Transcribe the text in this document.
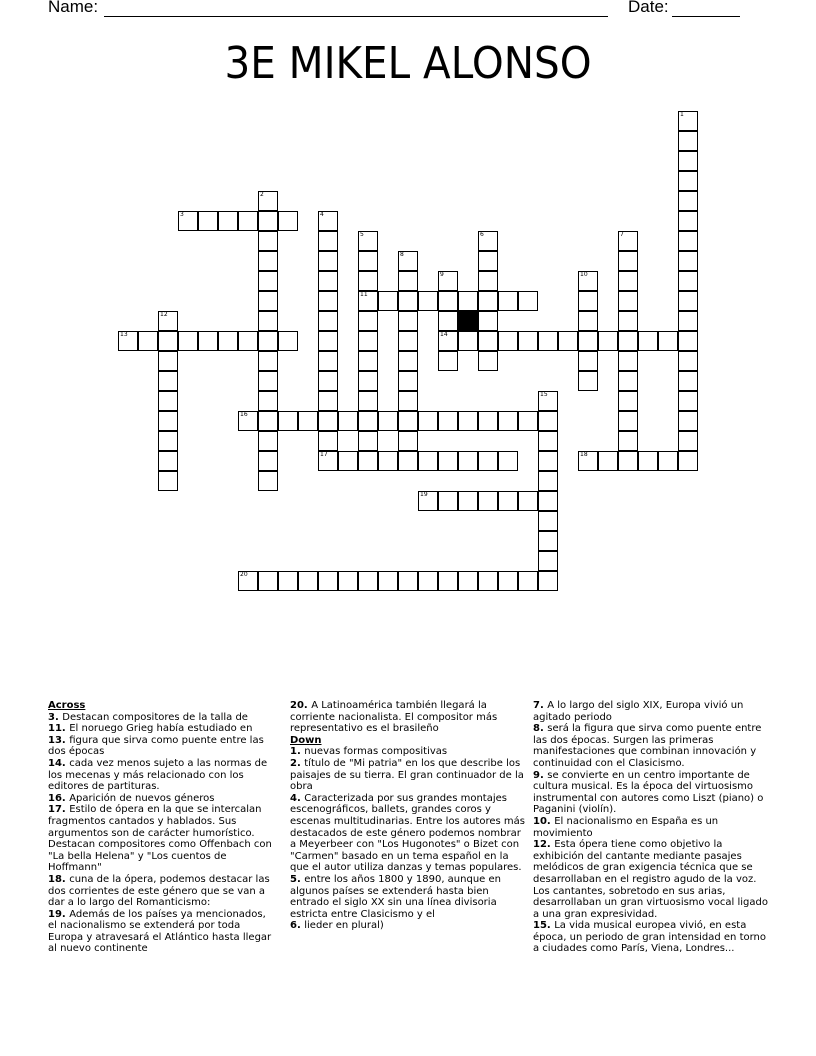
Name:	Date:
3E MIKEL ALONSO
1
2
3	4
5	6	7
8
9	10
11
12
13	14
15
16
17	18
19
20
Across
3. Destacan compositores de la talla de
11. El noruego Grieg había estudiado en
13. figura que sirva como puente entre las dos épocas
14. cada vez menos sujeto a las normas de los mecenas y más relacionado con los editores de partituras.
16. Aparición de nuevos géneros
17. Estilo de ópera en la que se intercalan fragmentos cantados y hablados. Sus argumentos son de carácter humorístico. Destacan compositores como Offenbach con "La bella Helena" y "Los cuentos de Hoffmann"
18. cuna de la ópera, podemos destacar las dos corrientes de este género que se van a dar a lo largo del Romanticismo:
19. Además de los países ya mencionados, el nacionalismo se extenderá por toda Europa y atravesará el Atlántico hasta llegar al nuevo continente
20. A Latinoamérica también llegará la corriente nacionalista. El compositor más representativo es el brasileño
Down
1. nuevas formas compositivas
2. título de "Mi patria" en los que describe los paisajes de su tierra. El gran continuador de la obra
4. Caracterizada por sus grandes montajes escenográficos, ballets, grandes coros y escenas multitudinarias. Entre los autores más destacados de este género podemos nombrar a Meyerbeer con "Los Hugonotes" o Bizet con "Carmen" basado en un tema español en la que el autor utiliza danzas y temas populares.
5. entre los años 1800 y 1890, aunque en algunos países se extenderá hasta bien entrado el siglo XX sin una línea divisoria estricta entre Clasicismo y el
6. lieder en plural)
7. A lo largo del siglo XIX, Europa vivió un agitado periodo
8. será la figura que sirva como puente entre las dos épocas. Surgen las primeras manifestaciones que combinan innovación y continuidad con el Clasicismo.
9. se convierte en un centro importante de cultura musical. Es la época del virtuosismo instrumental con autores como Liszt (piano) o Paganini (violín).
10. El nacionalismo en España es un movimiento
12. Esta ópera tiene como objetivo la exhibición del cantante mediante pasajes melódicos de gran exigencia técnica que se desarrollaban en el registro agudo de la voz. Los cantantes, sobretodo en sus arias, desarrollaban un gran virtuosismo vocal ligado a una gran expresividad.
15. La vida musical europea vivió, en esta época, un periodo de gran intensidad en torno a ciudades como París, Viena, Londres...
